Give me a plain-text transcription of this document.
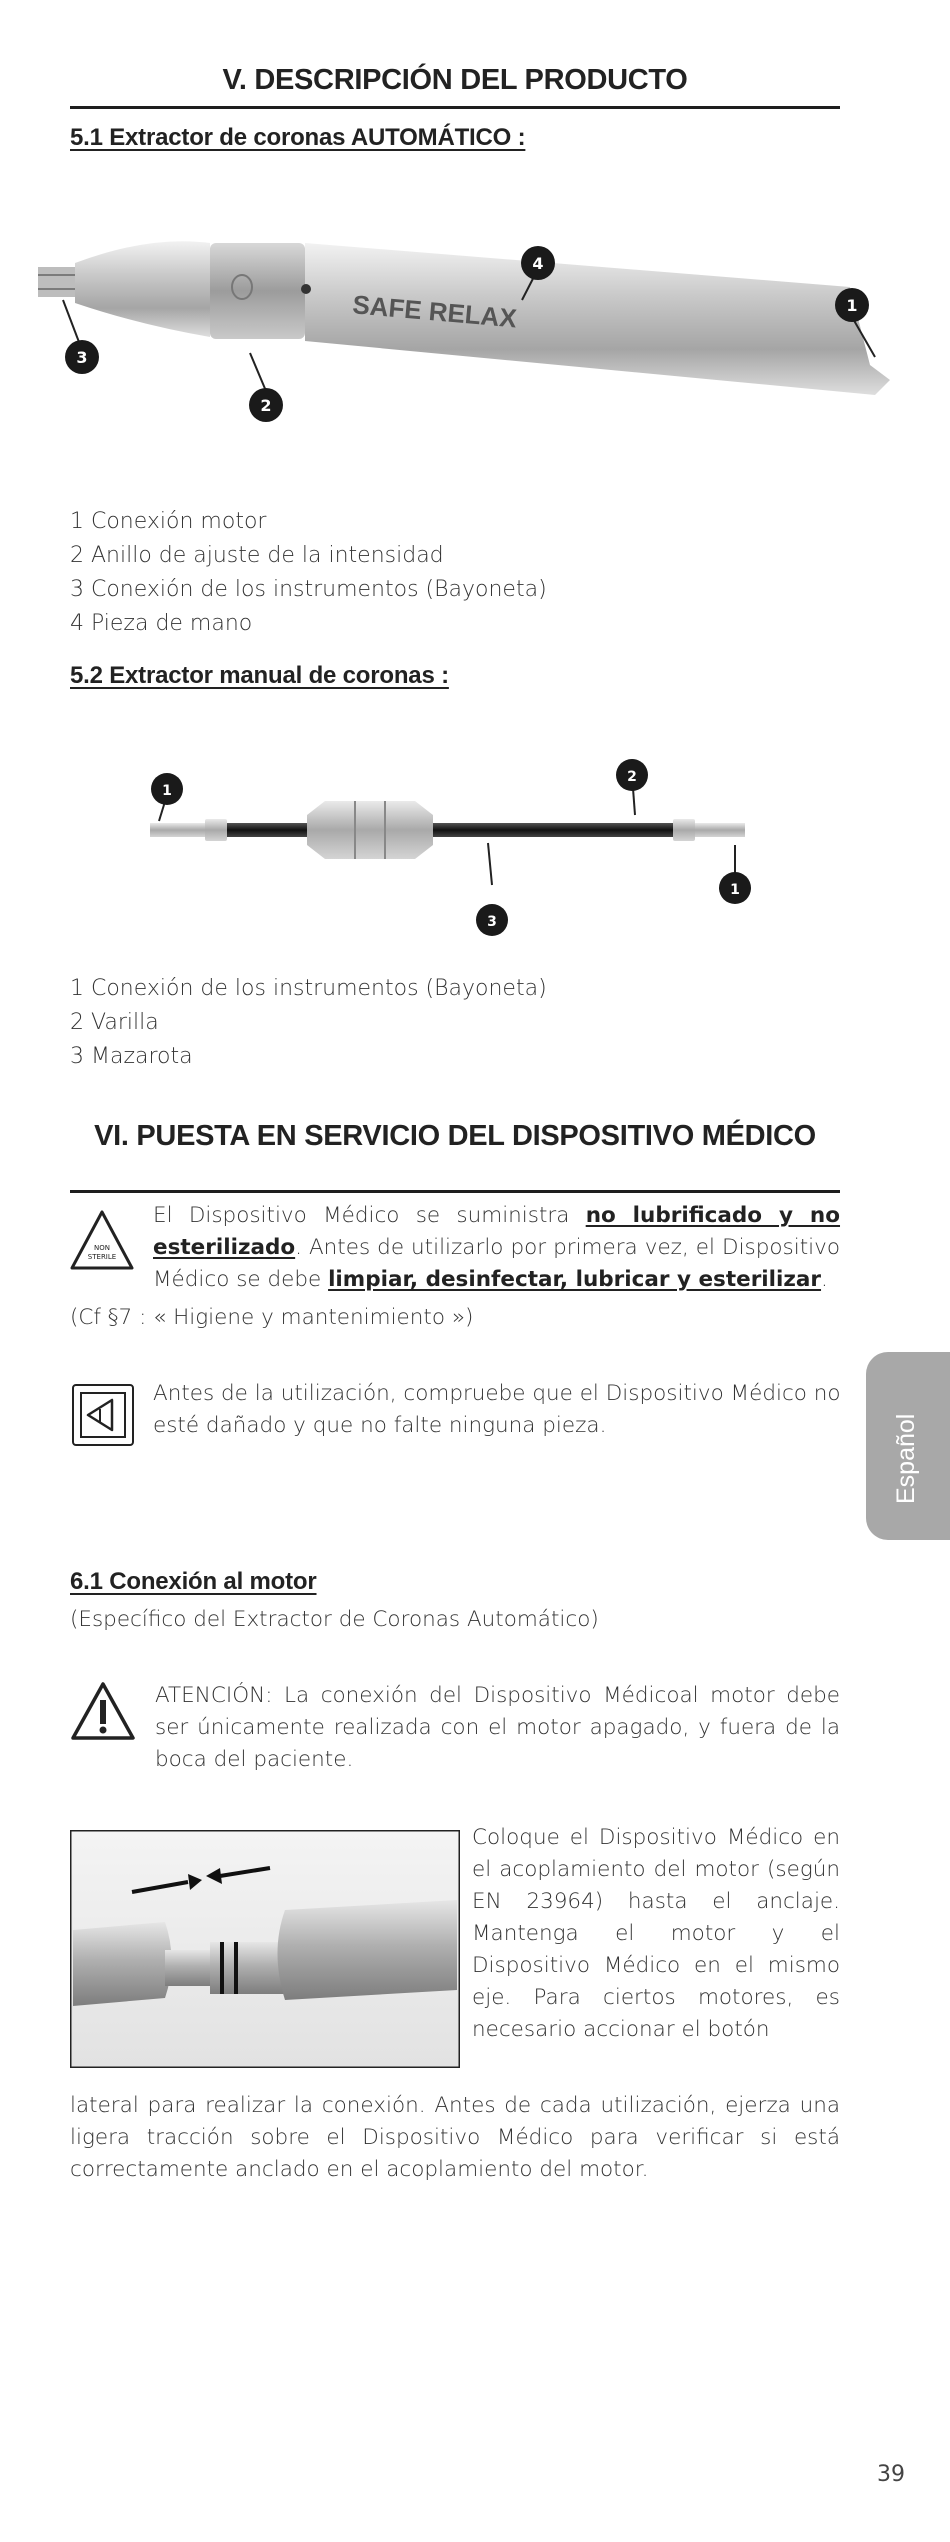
V. DESCRIPCIÓN DEL PRODUCTO
5.1 Extractor de coronas AUTOMÁTICO :
SAFE RELAX
4
1
3
2
1 Conexión motor
2 Anillo de ajuste de la intensidad
3 Conexión de los instrumentos (Bayoneta)
4 Pieza de mano
5.2 Extractor manual de coronas :
1
2
3
1
1 Conexión de los instrumentos (Bayoneta)
2 Varilla
3 Mazarota
VI. PUESTA EN SERVICIO DEL DISPOSITIVO MÉDICO
NON
STERILE
El Dispositivo Médico se suministra no lubrificado y no esterilizado. Antes de utilizarlo por primera vez, el Dispositivo Médico se debe limpiar, desinfectar, lubricar y esterilizar.
(Cf §7 : « Higiene y mantenimiento »)
Antes de la utilización, compruebe que el Dispositivo Médico no esté dañado y que no falte ninguna pieza.	Español
6.1 Conexión al motor
(Específico del Extractor de Coronas Automático)
ATENCIÓN: La conexión del Dispositivo Médicoal motor debe ser únicamente realizada con el motor apagado, y fuera de la boca del paciente.
Coloque el Dispositivo Médico en el acoplamiento del motor (según EN 23964) hasta el anclaje. Mantenga el motor y el Dispositivo Médico en el mismo eje. Para ciertos motores, es necesario accionar el botón
lateral para realizar la conexión. Antes de cada utilización, ejerza una ligera tracción sobre el Dispositivo Médico para verificar si está correctamente anclado en el acoplamiento del motor.
39
